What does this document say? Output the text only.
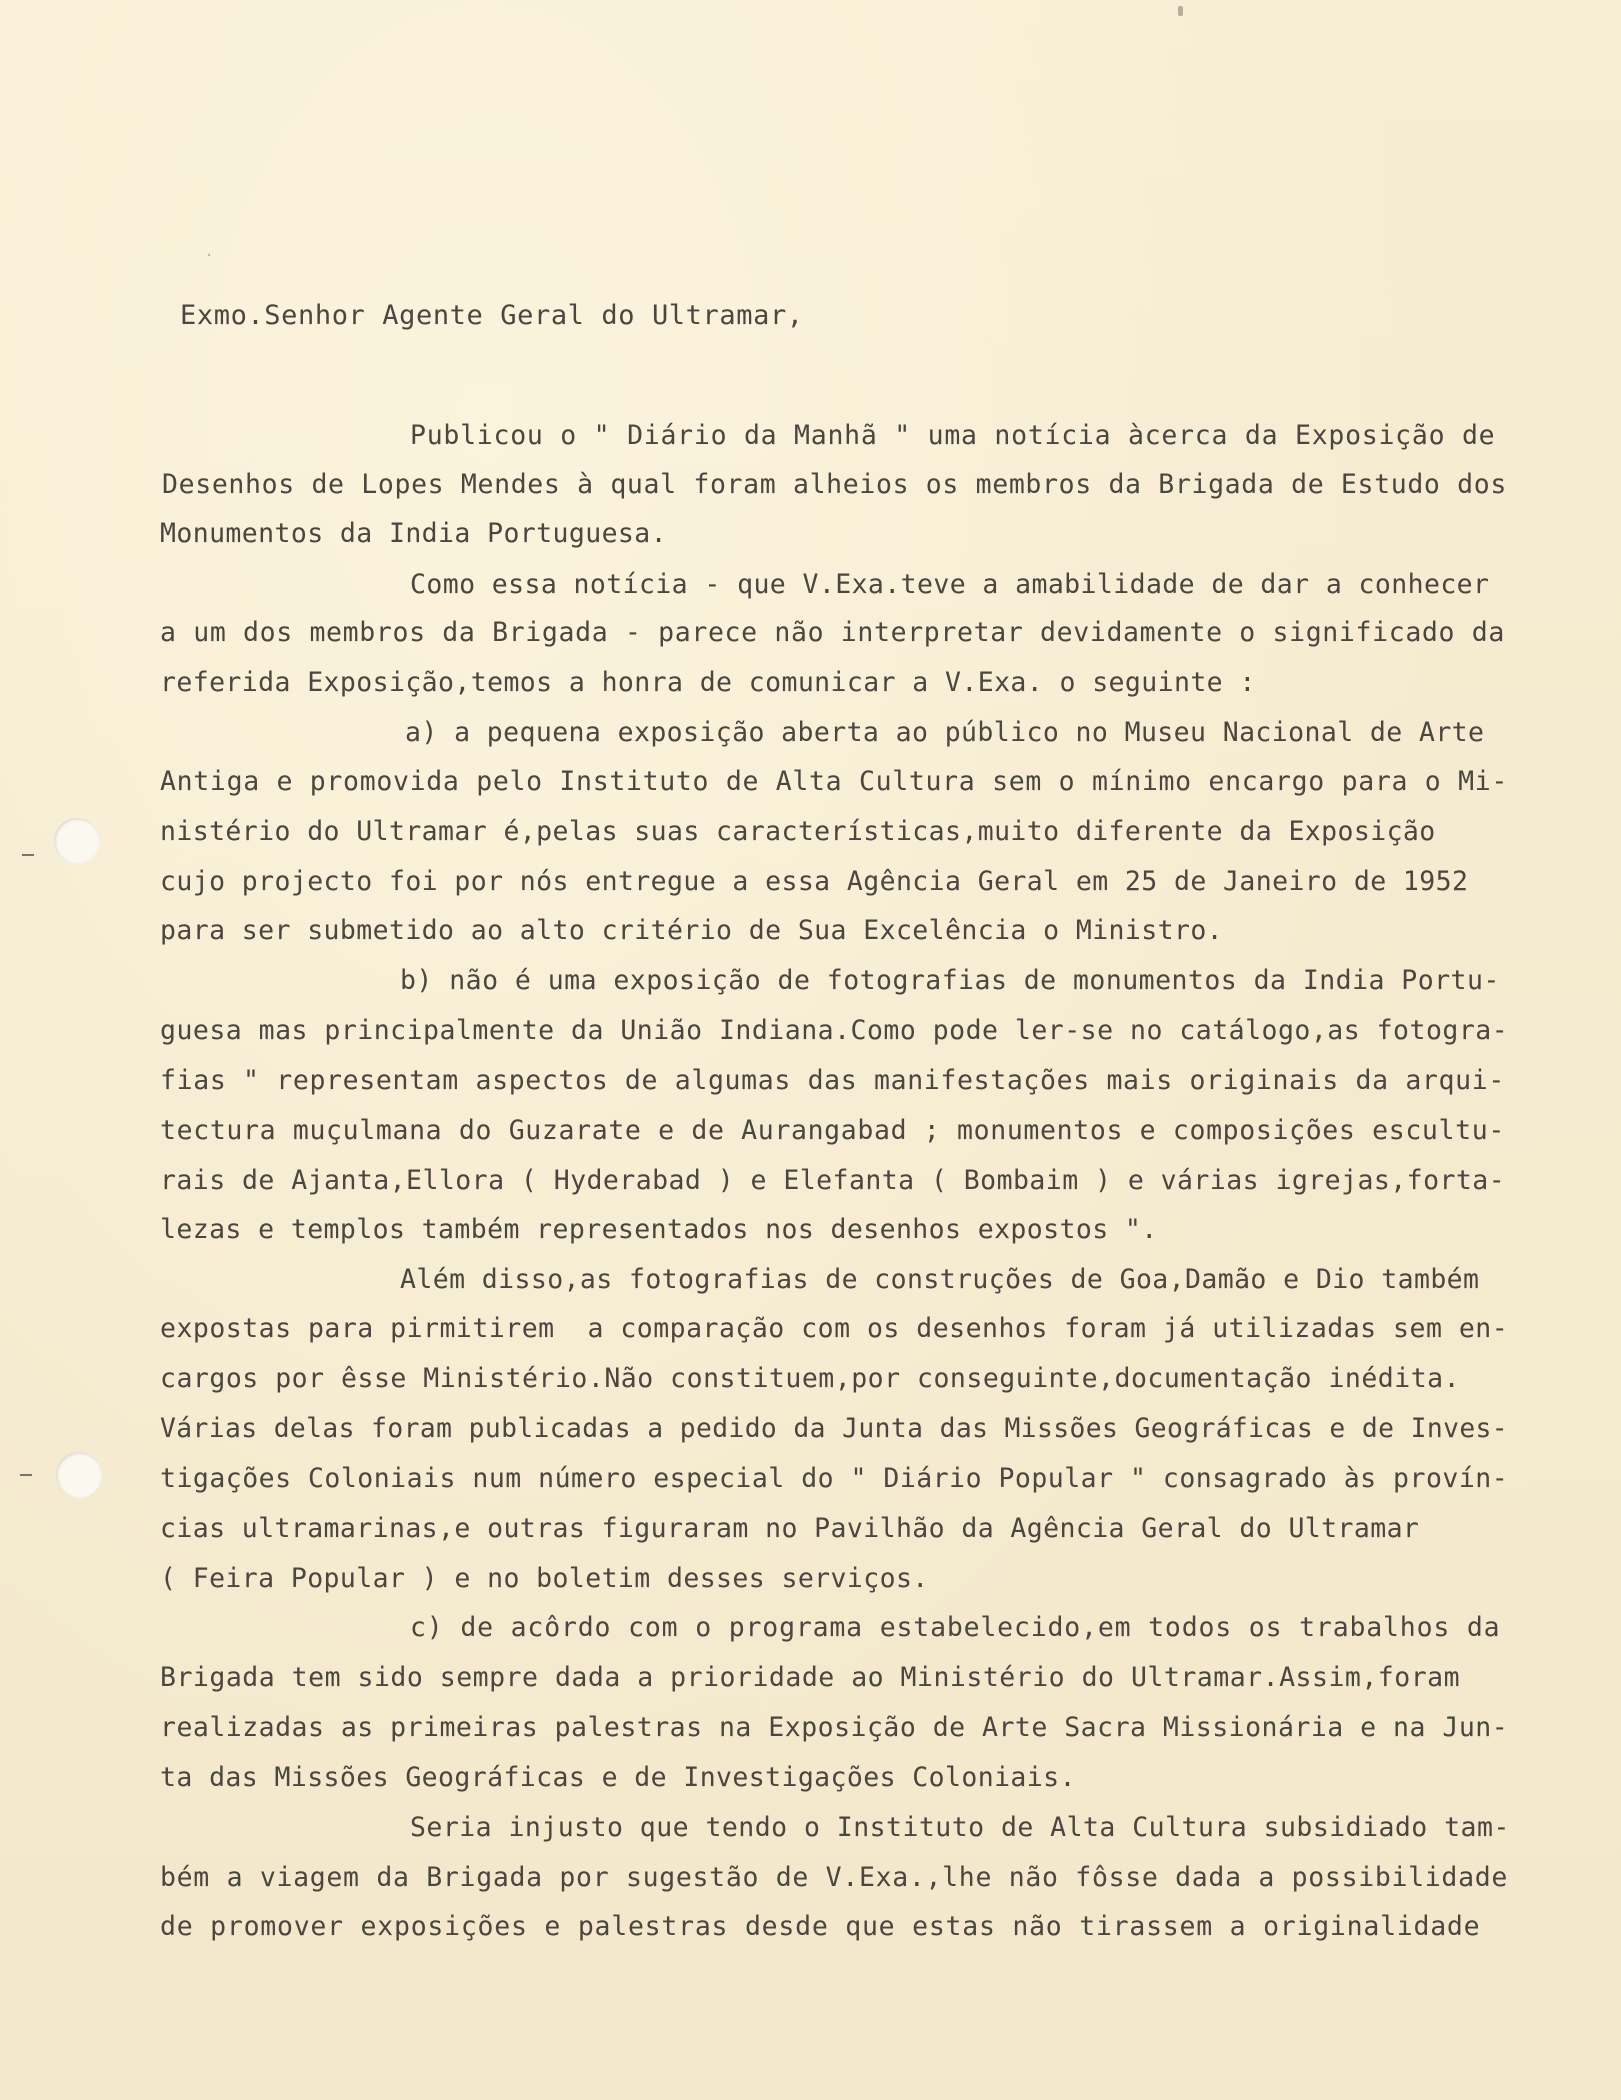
·
Exmo.Senhor Agente Geral do Ultramar,
Publicou o " Diário da Manhã " uma notícia àcerca da Exposição de
Desenhos de Lopes Mendes à qual foram alheios os membros da Brigada de Estudo dos
Monumentos da India Portuguesa.
Como essa notícia - que V.Exa.teve a amabilidade de dar a conhecer
a um dos membros da Brigada - parece não interpretar devidamente o significado da
referida Exposição,temos a honra de comunicar a V.Exa. o seguinte :
a) a pequena exposição aberta ao público no Museu Nacional de Arte
Antiga e promovida pelo Instituto de Alta Cultura sem o mínimo encargo para o Mi-
nistério do Ultramar é,pelas suas características,muito diferente da Exposição
cujo projecto foi por nós entregue a essa Agência Geral em 25 de Janeiro de 1952
para ser submetido ao alto critério de Sua Excelência o Ministro.
b) não é uma exposição de fotografias de monumentos da India Portu-
guesa mas principalmente da União Indiana.Como pode ler-se no catálogo,as fotogra-
fias " representam aspectos de algumas das manifestações mais originais da arqui-
tectura muçulmana do Guzarate e de Aurangabad ; monumentos e composições escultu-
rais de Ajanta,Ellora ( Hyderabad ) e Elefanta ( Bombaim ) e várias igrejas,forta-
lezas e templos também representados nos desenhos expostos ".
Além disso,as fotografias de construções de Goa,Damão e Dio também
expostas para pirmitirem  a comparação com os desenhos foram já utilizadas sem en-
cargos por êsse Ministério.Não constituem,por conseguinte,documentação inédita.
Várias delas foram publicadas a pedido da Junta das Missões Geográficas e de Inves-
tigações Coloniais num número especial do " Diário Popular " consagrado às provín-
cias ultramarinas,e outras figuraram no Pavilhão da Agência Geral do Ultramar
( Feira Popular ) e no boletim desses serviços.
c) de acôrdo com o programa estabelecido,em todos os trabalhos da
Brigada tem sido sempre dada a prioridade ao Ministério do Ultramar.Assim,foram
realizadas as primeiras palestras na Exposição de Arte Sacra Missionária e na Jun-
ta das Missões Geográficas e de Investigações Coloniais.
Seria injusto que tendo o Instituto de Alta Cultura subsidiado tam-
bém a viagem da Brigada por sugestão de V.Exa.,lhe não fôsse dada a possibilidade
de promover exposições e palestras desde que estas não tirassem a originalidade
